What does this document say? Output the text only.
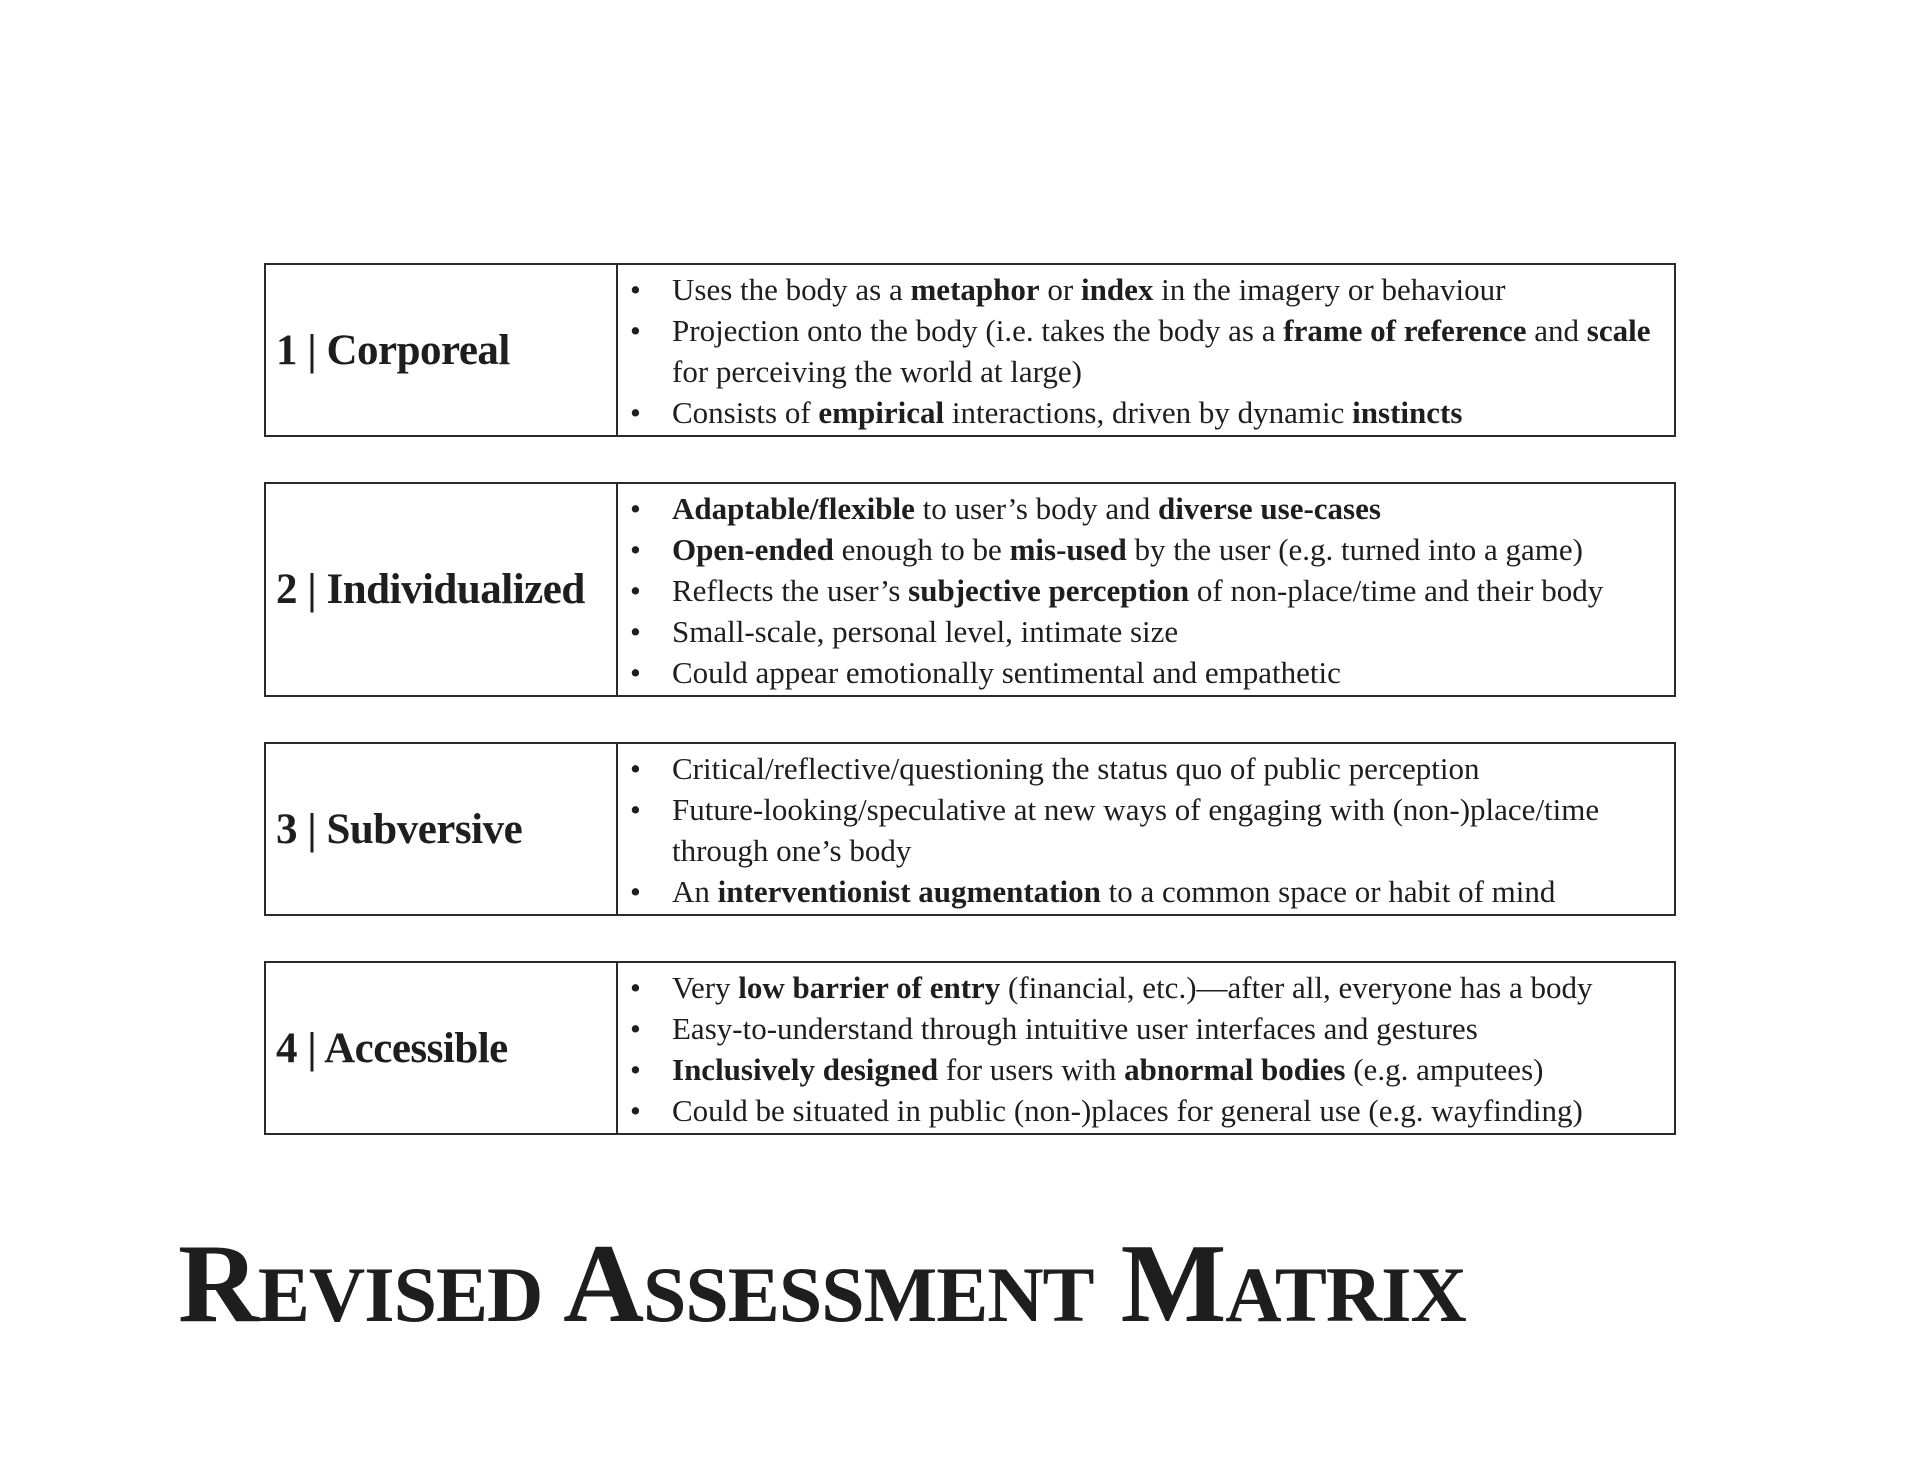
1 | Corporeal
• Uses the body as a metaphor or index in the imagery or behaviour
• Projection onto the body (i.e. takes the body as a frame of reference and scale for perceiving the world at large)
• Consists of empirical interactions, driven by dynamic instincts
2 | Individualized
• Adaptable/flexible to user’s body and diverse use-cases
• Open-ended enough to be mis-used by the user (e.g. turned into a game)
• Reflects the user’s subjective perception of non-place/time and their body
• Small-scale, personal level, intimate size
• Could appear emotionally sentimental and empathetic
3 | Subversive
• Critical/reflective/questioning the status quo of public perception
• Future-looking/speculative at new ways of engaging with (non-)place/time through one’s body
• An interventionist augmentation to a common space or habit of mind
4 | Accessible
• Very low barrier of entry (financial, etc.)—after all, everyone has a body
• Easy-to-understand through intuitive user interfaces and gestures
• Inclusively designed for users with abnormal bodies (e.g. amputees)
• Could be situated in public (non-)places for general use (e.g. wayfinding)
Revised Assessment Matrix
